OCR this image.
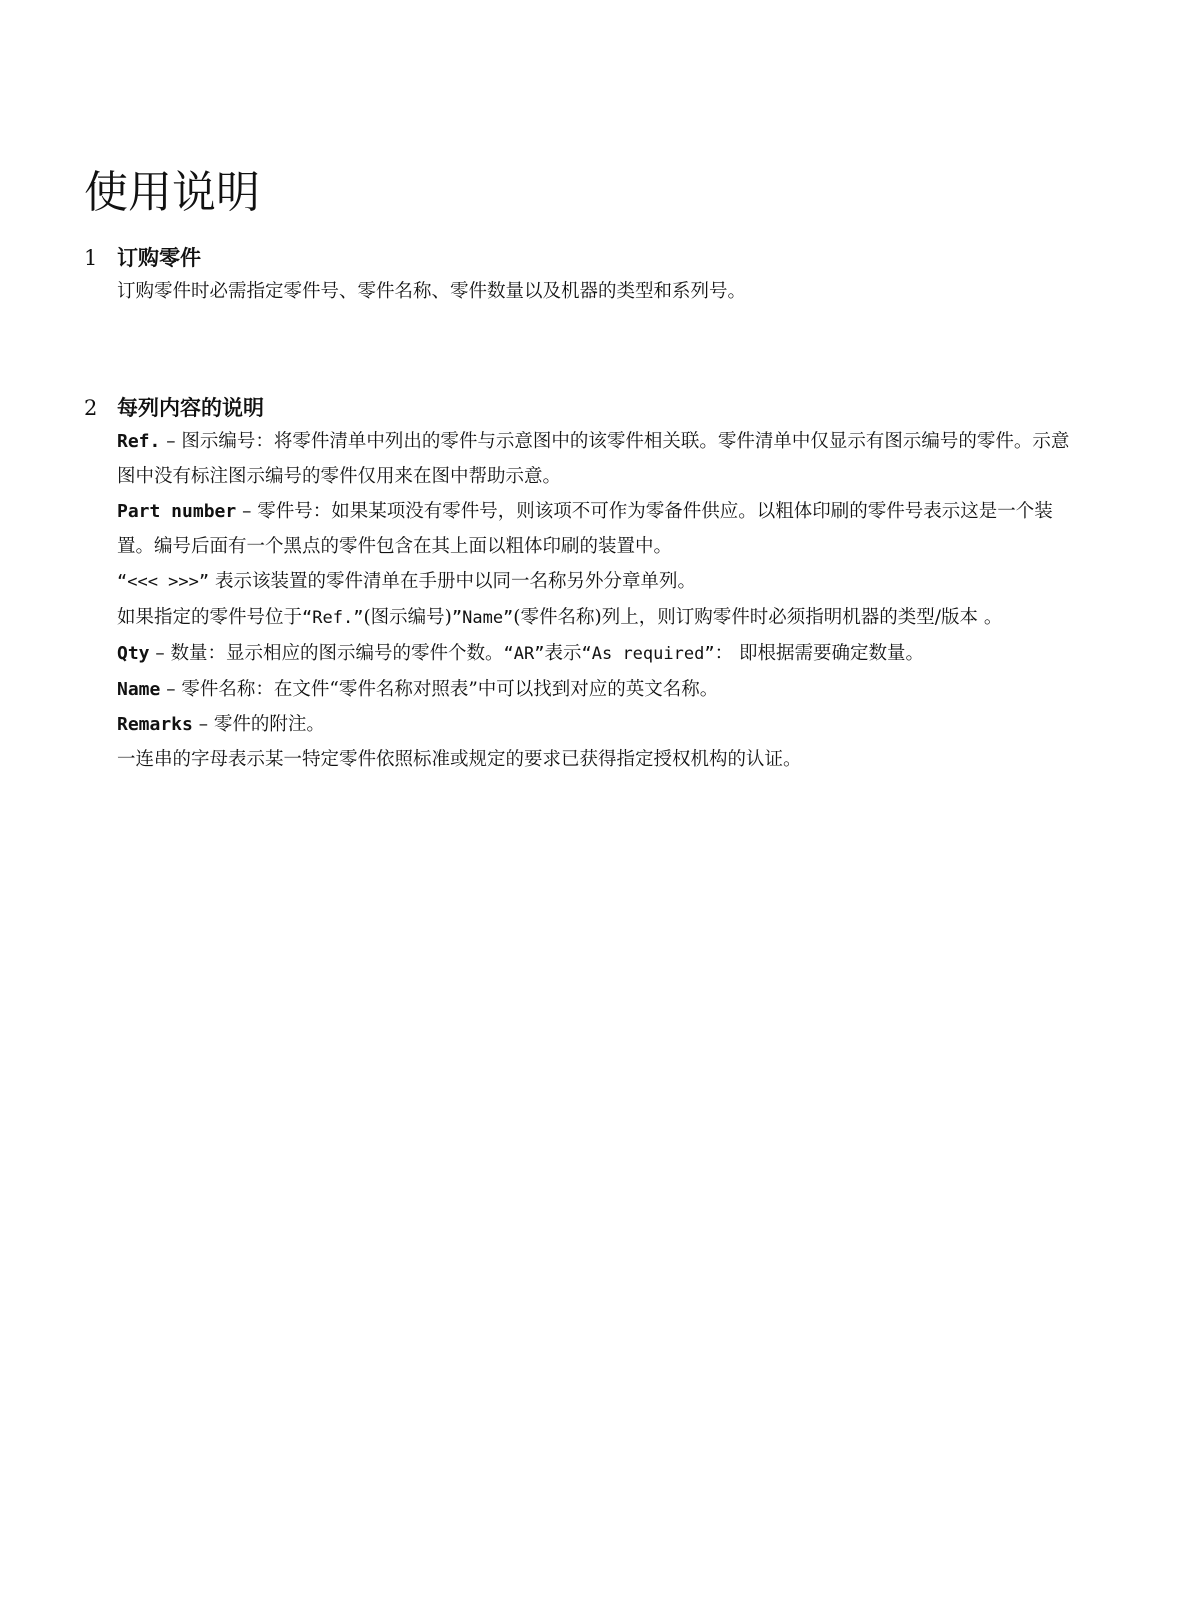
使用说明
1 订购零件

订购零件时必需指定零件号、零件名称、零件数量以及机器的类型和系列号。

2 每列内容的说明

Ref. – 图示编号：将零件清单中列出的零件与示意图中的该零件相关联。零件清单中仅显示有图示编号的零件。示意图中没有标注图示编号的零件仅用来在图中帮助示意。

Part number – 零件号：如果某项没有零件号，则该项不可作为零备件供应。以粗体印刷的零件号表示这是一个装置。编号后面有一个黑点的零件包含在其上面以粗体印刷的装置中。

“<<< >>>” 表示该装置的零件清单在手册中以同一名称另外分章单列。

如果指定的零件号位于“Ref.”(图示编号)”Name”(零件名称)列上，则订购零件时必须指明机器的类型/版本 。

Qty – 数量：显示相应的图示编号的零件个数。“AR”表示“As required”： 即根据需要确定数量。

Name – 零件名称：在文件“零件名称对照表”中可以找到对应的英文名称。

Remarks – 零件的附注。

一连串的字母表示某一特定零件依照标准或规定的要求已获得指定授权机构的认证。
